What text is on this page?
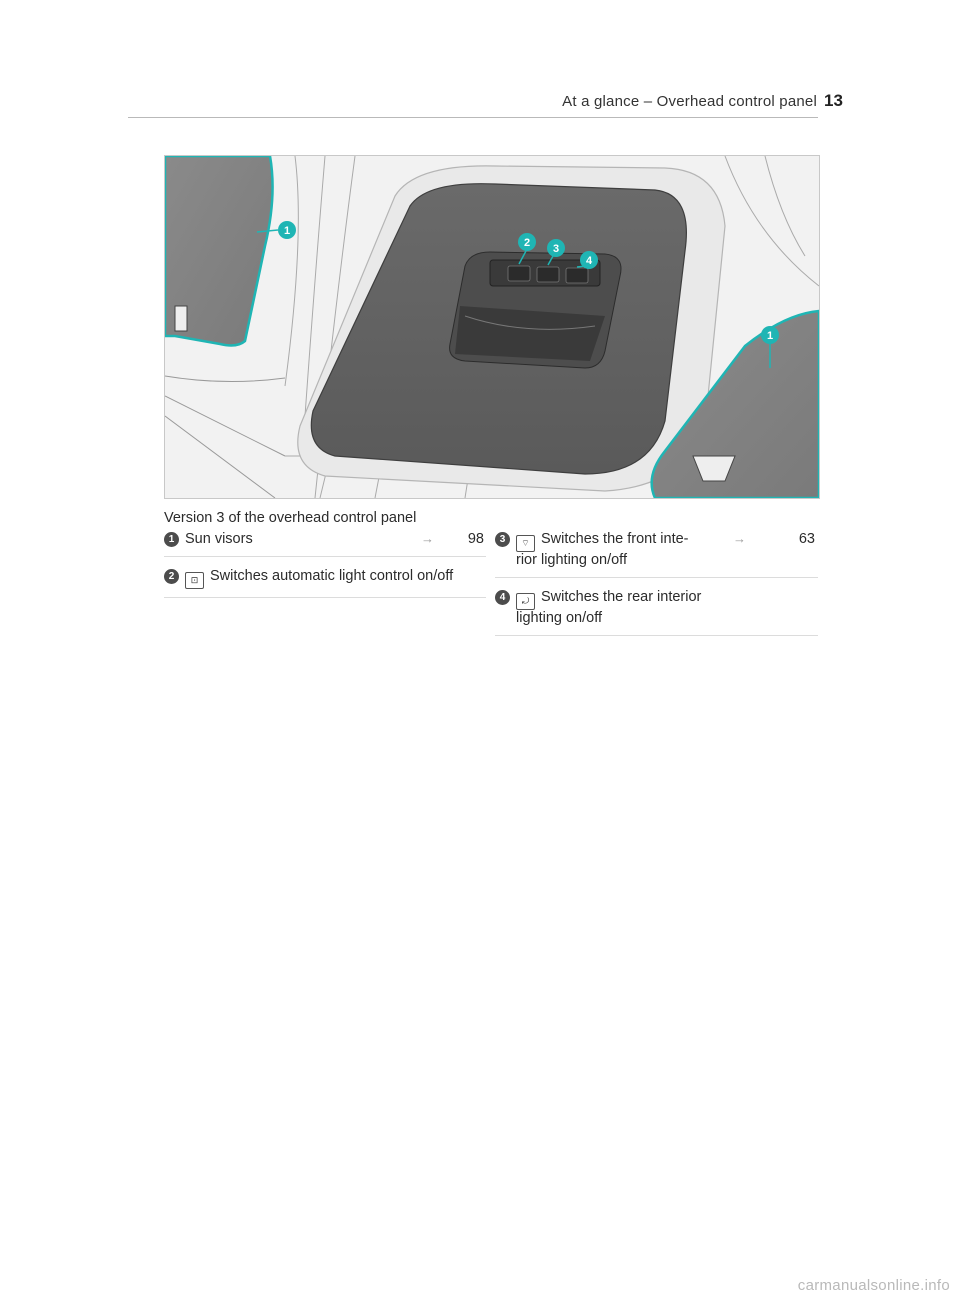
At a glance – Overhead control panel 13
1
1
2 3
4
Version 3 of the overhead control panel
1 Sun visors	→ 98
2	⊡ Switches automatic light control on/off
3	⌔ Switches the front inte-
rior lighting on/off
→	63
4	⤾ Switches the rear interior
lighting on/off
carmanualsonline.info
